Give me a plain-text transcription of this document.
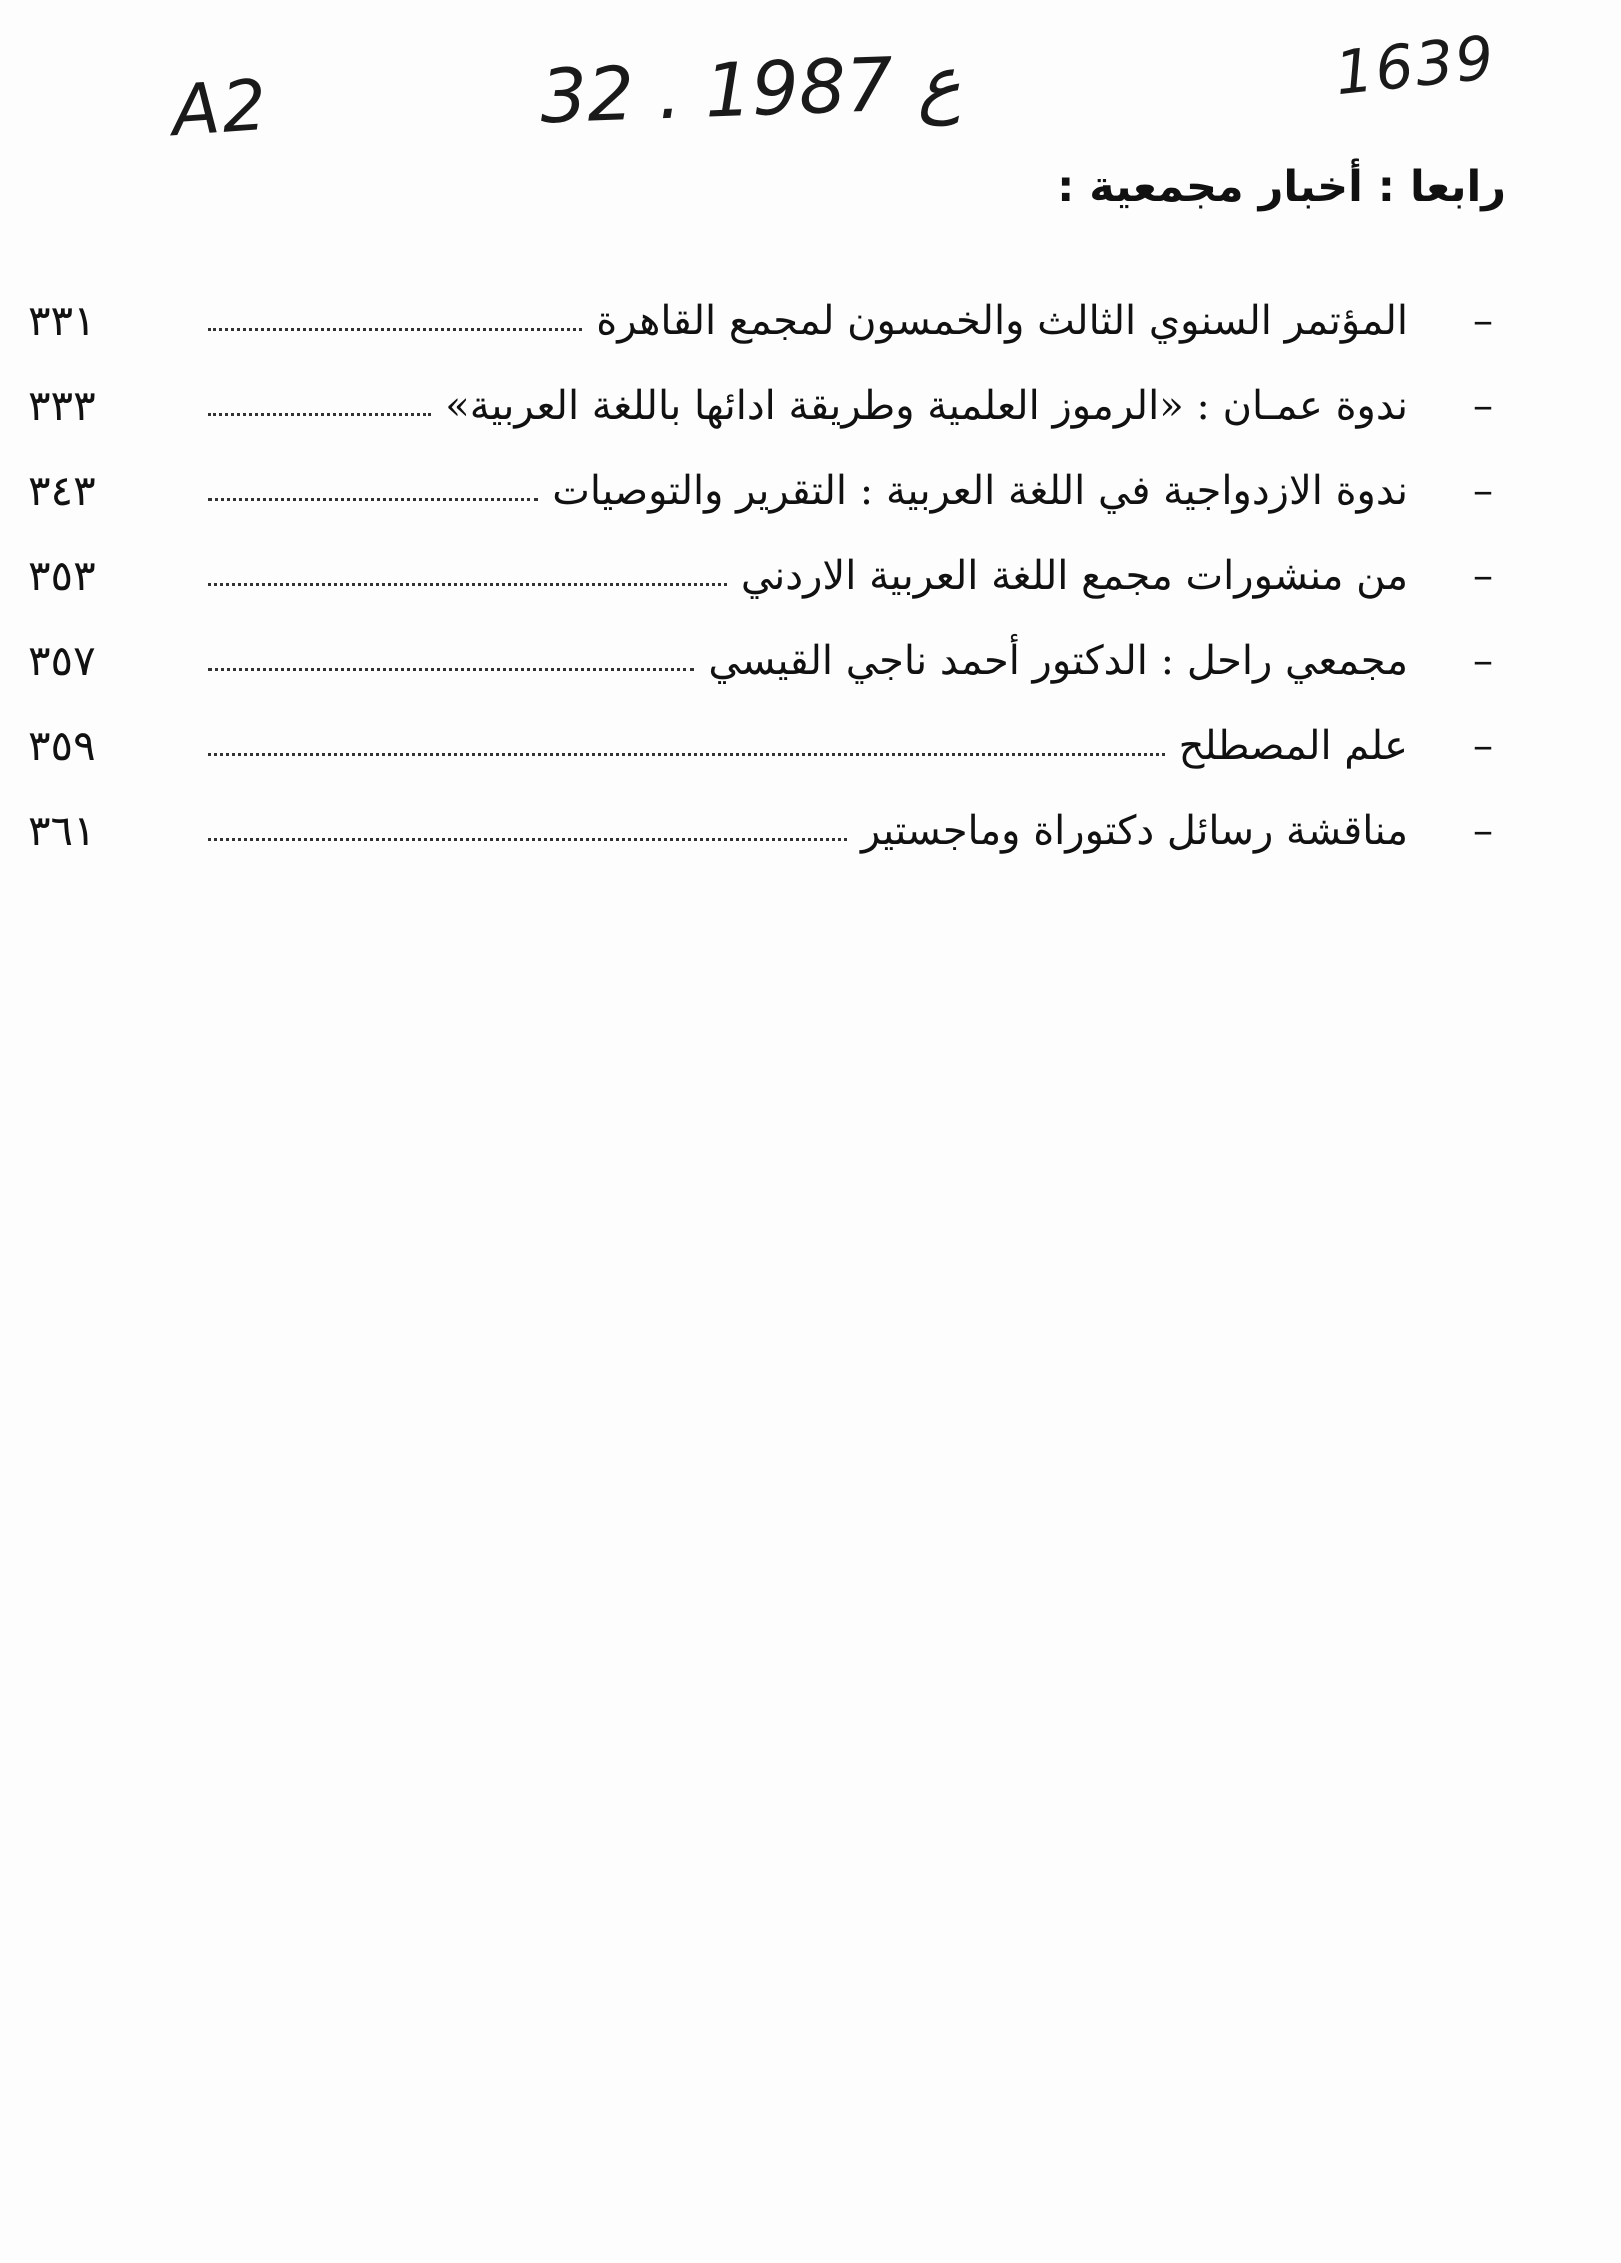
A2	32 . ع 1987	1639
رابعا : أخبار مجمعية :
٣٣١	المؤتمر السنوي الثالث والخمسون لمجمع القاهرة –
٣٣٣	ندوة عمـان : «الرموز العلمية وطريقة ادائها باللغة العربية» –
٣٤٣	ندوة الازدواجية في اللغة العربية : التقرير والتوصيات –
٣٥٣	من منشورات مجمع اللغة العربية الاردني –
٣٥٧	مجمعي راحل : الدكتور أحمد ناجي القيسي –
٣٥٩	علم المصطلح –
٣٦١	مناقشة رسائل دكتوراة وماجستير –
